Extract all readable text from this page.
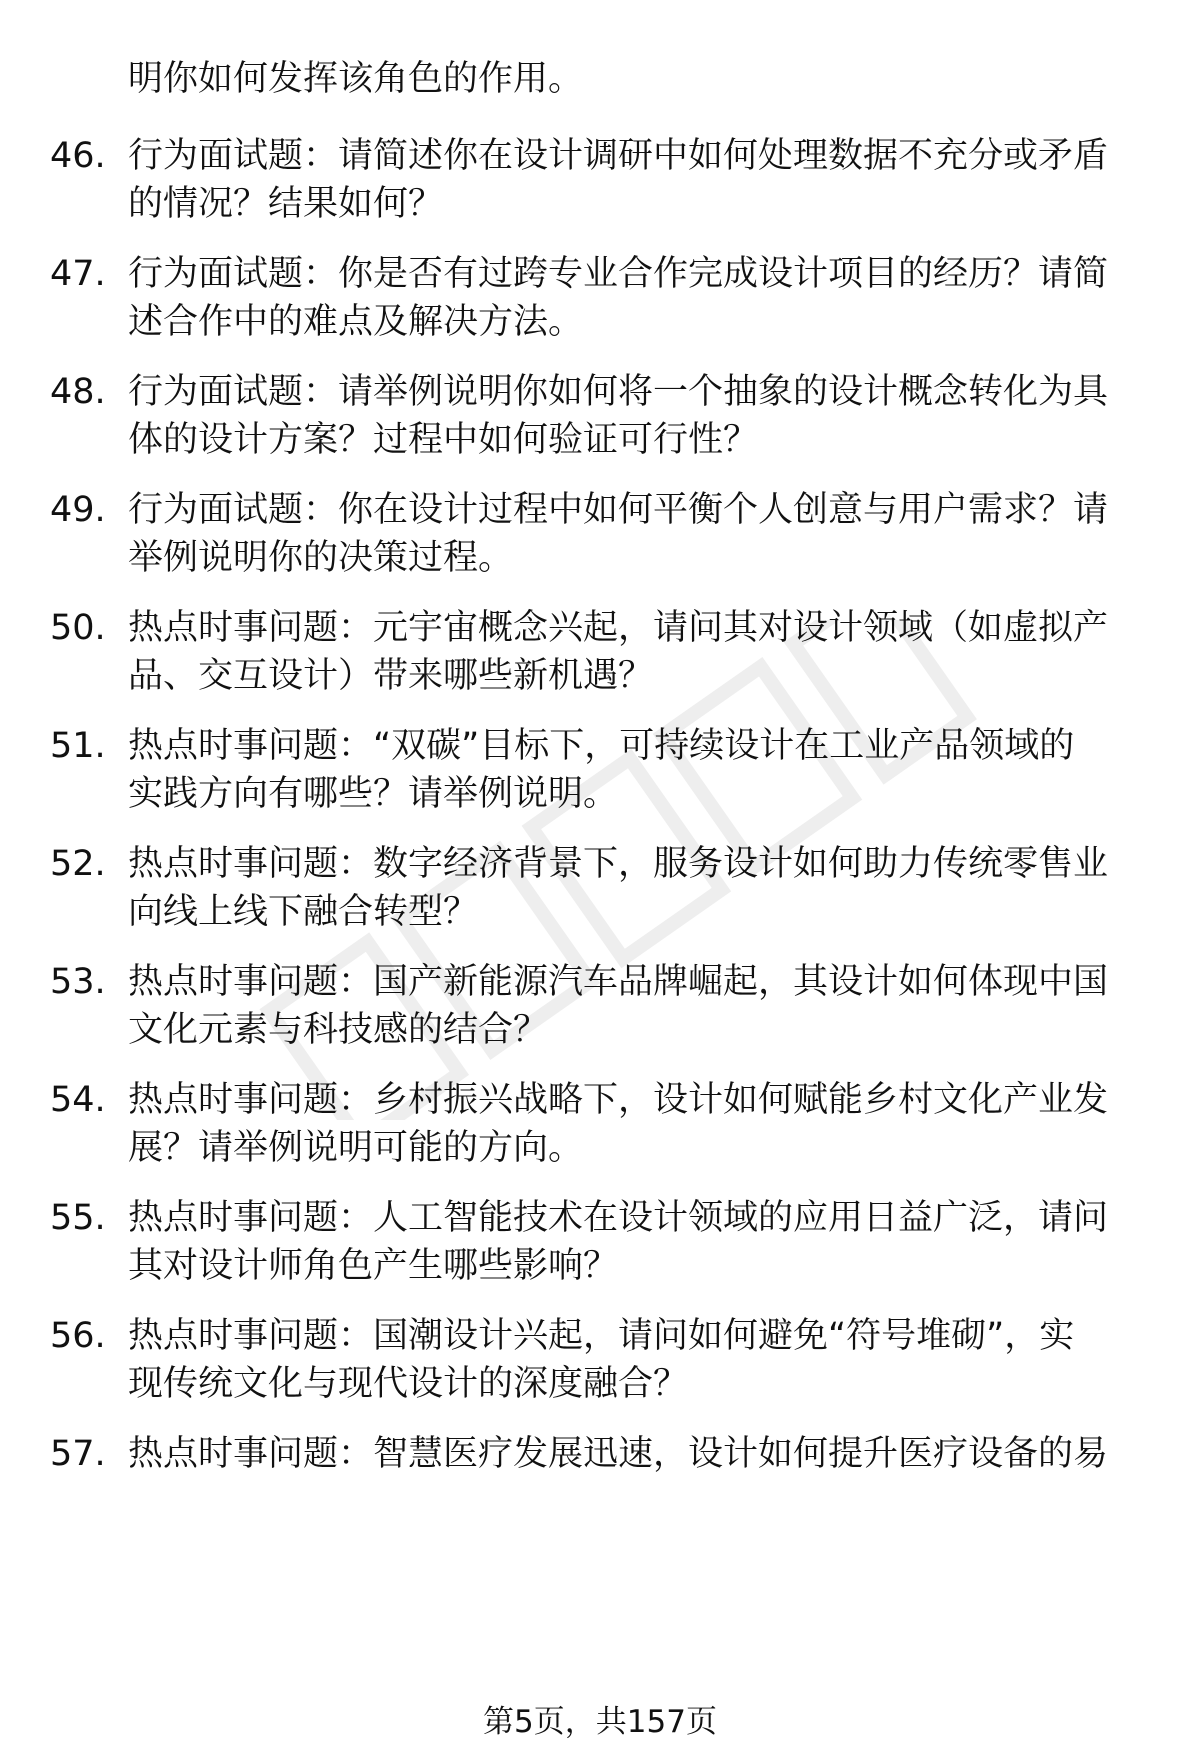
明你如何发挥该角色的作用。
46. 行为面试题：请简述你在设计调研中如何处理数据不充分或矛盾
的情况？结果如何？
47. 行为面试题：你是否有过跨专业合作完成设计项目的经历？请简
述合作中的难点及解决方法。
48. 行为面试题：请举例说明你如何将一个抽象的设计概念转化为具
体的设计方案？过程中如何验证可行性？
49. 行为面试题：你在设计过程中如何平衡个人创意与用户需求？请
举例说明你的决策过程。
50. 热点时事问题：元宇宙概念兴起，请问其对设计领域（如虚拟产
品、交互设计）带来哪些新机遇？
51. 热点时事问题：“双碳”目标下，可持续设计在工业产品领域的
实践方向有哪些？请举例说明。
52. 热点时事问题：数字经济背景下，服务设计如何助力传统零售业
向线上线下融合转型？
53. 热点时事问题：国产新能源汽车品牌崛起，其设计如何体现中国
文化元素与科技感的结合？
54. 热点时事问题：乡村振兴战略下，设计如何赋能乡村文化产业发
展？请举例说明可能的方向。
55. 热点时事问题：人工智能技术在设计领域的应用日益广泛，请问
其对设计师角色产生哪些影响？
56. 热点时事问题：国潮设计兴起，请问如何避免“符号堆砌”，实
现传统文化与现代设计的深度融合？
57. 热点时事问题：智慧医疗发展迅速，设计如何提升医疗设备的易
第5页，共157页
